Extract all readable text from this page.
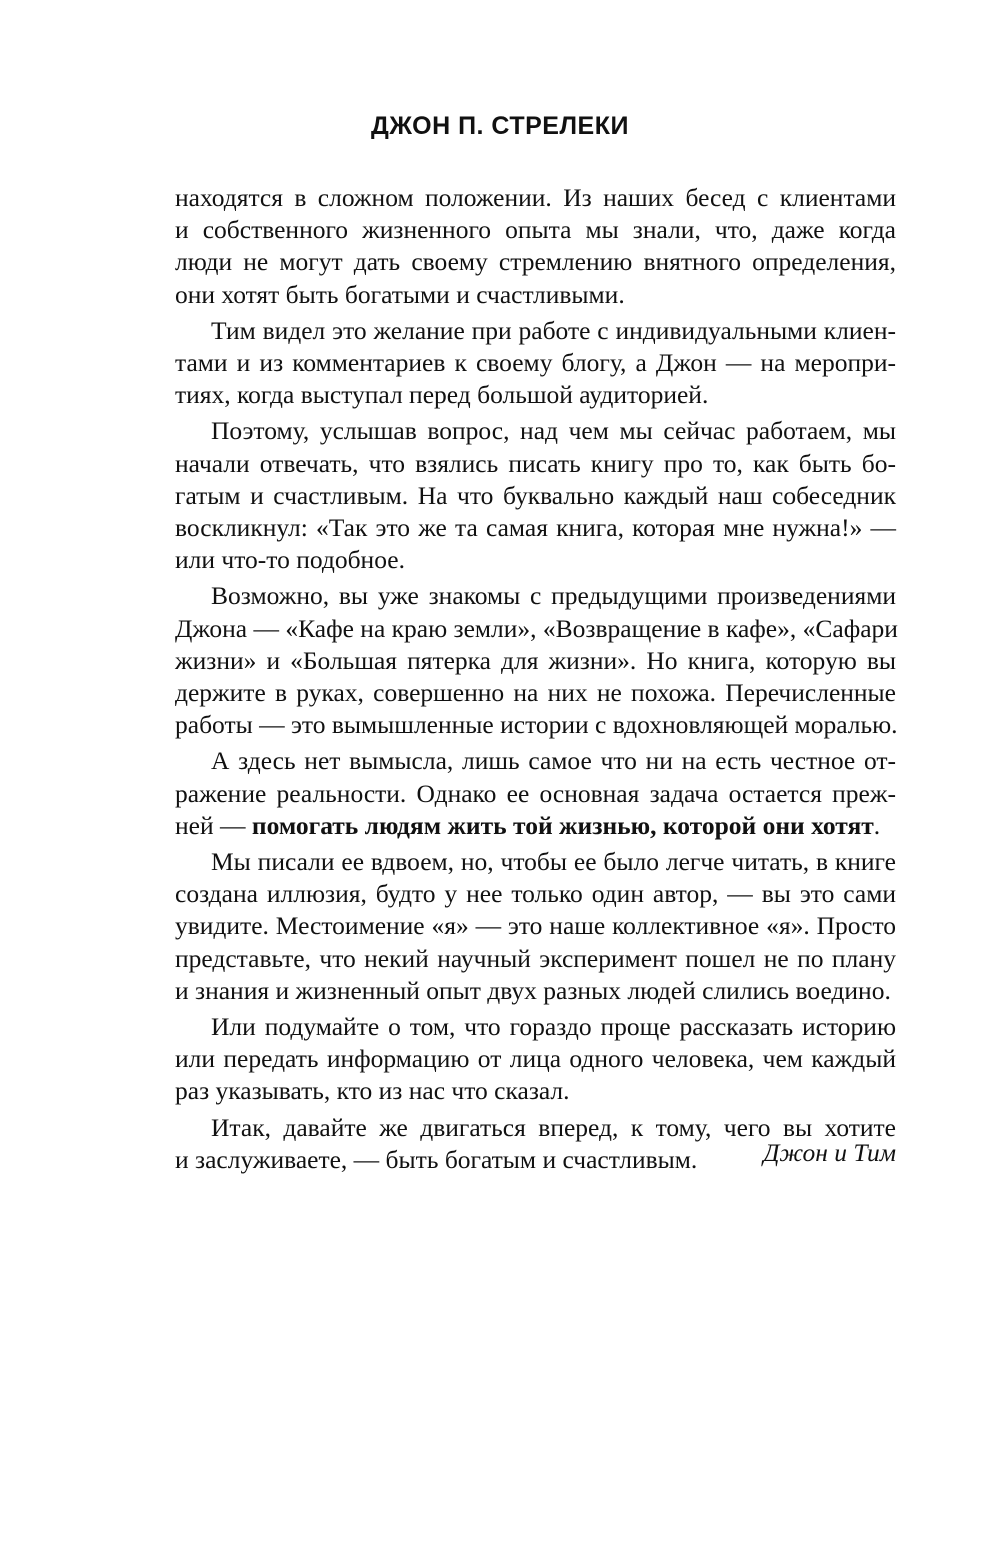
ДЖОН П. СТРЕЛЕКИ
находятся в сложном положении. Из наших бесед с клиентами
и собственного жизненного опыта мы знали, что, даже когда
люди не могут дать своему стремлению внятного определения,
они хотят быть богатыми и счастливыми.
Тим видел это желание при работе с индивидуальными клиен-
тами и из комментариев к своему блогу, а Джон — на меропри-
тиях, когда выступал перед большой аудиторией.
Поэтому, услышав вопрос, над чем мы сейчас работаем, мы
начали отвечать, что взялись писать книгу про то, как быть бо-
гатым и счастливым. На что буквально каждый наш собеседник
воскликнул: «Так это же та самая книга, которая мне нужна!» —
или что-то подобное.
Возможно, вы уже знакомы с предыдущими произведениями
Джона — «Кафе на краю земли», «Возвращение в кафе», «Сафари
жизни» и «Большая пятерка для жизни». Но книга, которую вы
держите в руках, совершенно на них не похожа. Перечисленные
работы — это вымышленные истории с вдохновляющей моралью.
А здесь нет вымысла, лишь самое что ни на есть честное от-
ражение реальности. Однако ее основная задача остается преж-
ней — помогать людям жить той жизнью, которой они хотят.
Мы писали ее вдвоем, но, чтобы ее было легче читать, в книге
создана иллюзия, будто у нее только один автор, — вы это сами
увидите. Местоимение «я» — это наше коллективное «я». Просто
представьте, что некий научный эксперимент пошел не по плану
и знания и жизненный опыт двух разных людей слились воедино.
Или подумайте о том, что гораздо проще рассказать историю
или передать информацию от лица одного человека, чем каждый
раз указывать, кто из нас что сказал.
Итак, давайте же двигаться вперед, к тому, чего вы хотите
и заслуживаете, — быть богатым и счастливым.	Джон и Тим
